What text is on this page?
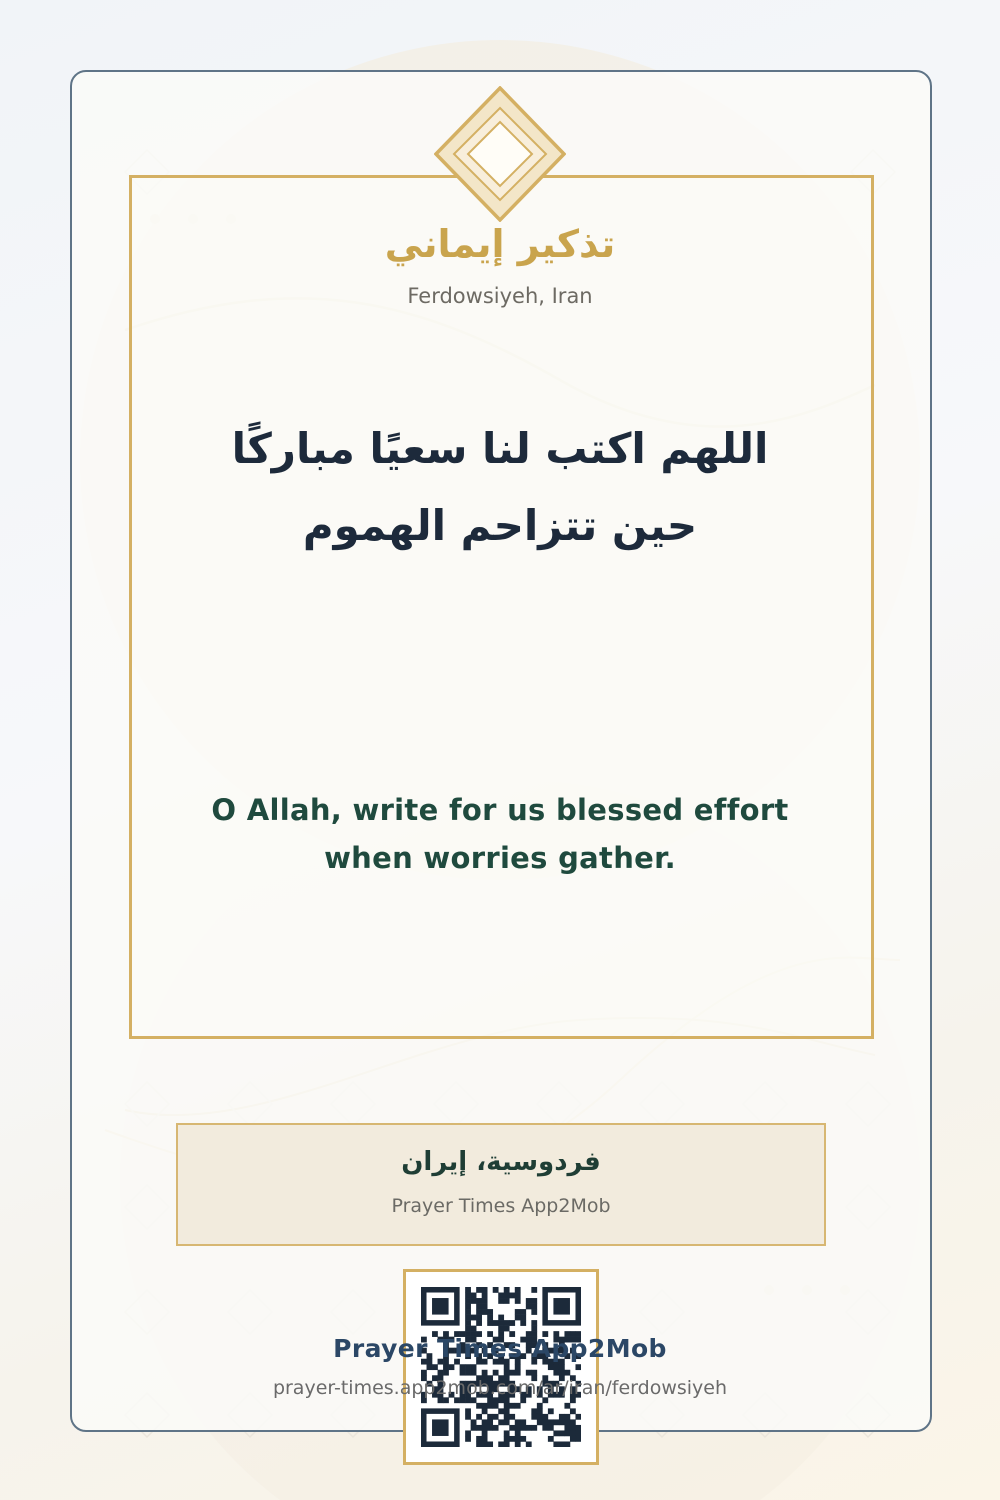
تذكير إيماني
Ferdowsiyeh, Iran
اللهم اكتب لنا سعيًا مباركًا حين تتزاحم الهموم
O Allah, write for us blessed effort when worries gather.
فردوسية، إيران
Prayer Times App2Mob
Prayer Times App2Mob
prayer-times.app2mob.com/ar/iran/ferdowsiyeh
